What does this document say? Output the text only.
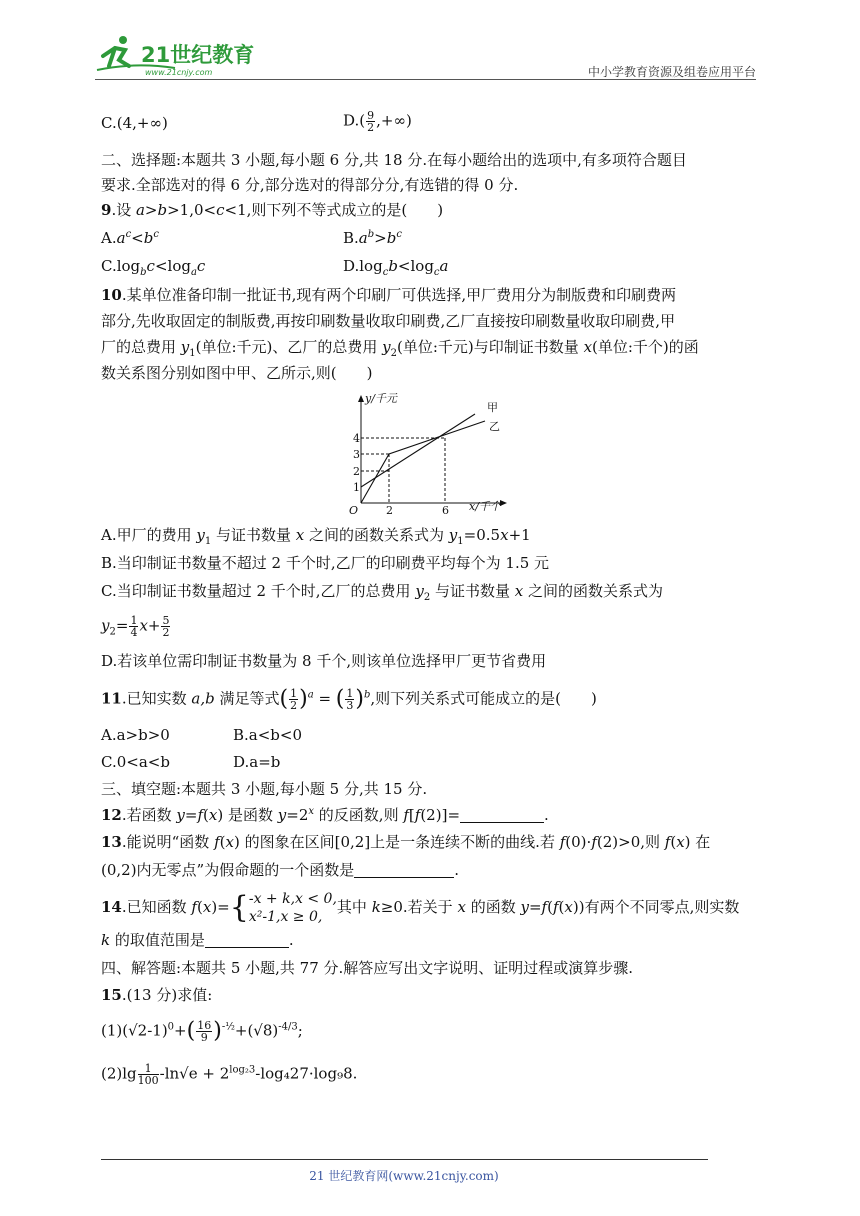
21世纪教育
www.21cnjy.com	中小学教育资源及组卷应用平台
C.(4,+∞)	$D.( \frac{9}{2}$ ,+∞)
二、选择题:本题共 3 小题,每小题 6 分,共 18 分.在每小题给出的选项中,有多项符合题目
要求.全部选对的得 6 分,部分选对的得部分分,有选错的得 0 分.
9.设 a>b>1,0<c<1,则下列不等式成立的是(　　)
$A.a^c<b^c$	$B.a^b>b^c$
$C.\log_bc<\log_ac$	$D.\log_cb<\log_ca$
10.某单位准备印制一批证书,现有两个印刷厂可供选择,甲厂费用分为制版费和印刷费两
部分,先收取固定的制版费,再按印刷数量收取印刷费,乙厂直接按印刷数量收取印刷费,甲
厂的总费用 $y_1$(单位:千元)、乙厂的总费用 $y_2$(单位:千元)与印制证书数量 x(单位:千个)的函
数关系图分别如图中甲、乙所示,则(　　)
y/千元
x/千个
O
1
2
3
4
2	6
甲
乙
A.甲厂的费用 $y_1$ 与证书数量 x 之间的函数关系式为 $y_1=0.5x+1$
B.当印制证书数量不超过 2 千个时,乙厂的印刷费平均每个为 1.5 元
C.当印制证书数量超过 2 千个时,乙厂的总费用 $y_2$ 与证书数量 x 之间的函数关系式为
$y_2= \frac{1}{4} x+ \frac{5}{2}$
D.若该单位需印制证书数量为 8 千个,则该单位选择甲厂更节省费用
11.已知实数 a,b 满足等式( $\frac{1}{2} )^a$ = ( $\frac{1}{3} )^b$,则下列关系式可能成立的是(　　)
A.a>b>0	B.a<b<0
C.0<a<b	D.a=b
三、填空题:本题共 3 小题,每小题 5 分,共 15 分.
12.若函数 y=f(x) 是函数 $y=2^x$ 的反函数,则 f[f(2)]=	.
13.能说明“函数 f(x) 的图象在区间[0,2]上是一条连续不断的曲线.若 f(0)·f(2)>0,则 f(x) 在
(0,2)内无零点”为假命题的一个函数是	.
14.已知函数 f(x)={ -x + k,x < 0,
x²-1,x ≥ 0,
其中 k≥0.若关于 x 的函数 y=f(f(x))有两个不同零点,则实数
k 的取值范围是	.
四、解答题:本题共 5 小题,共 77 分.解答应写出文字说明、证明过程或演算步骤.
15.(13 分)求值:
$(1)(√2-1)^0+( \frac{16}{9} )^{-\frac{1}{2}}+(√8)^{-4/3}$;
$(2)\lg \frac{1}{100} -\ln√e + 2^{log_23}-\log_427\cdot\log_98$.
21 世纪教育网(www.21cnjy.com)
